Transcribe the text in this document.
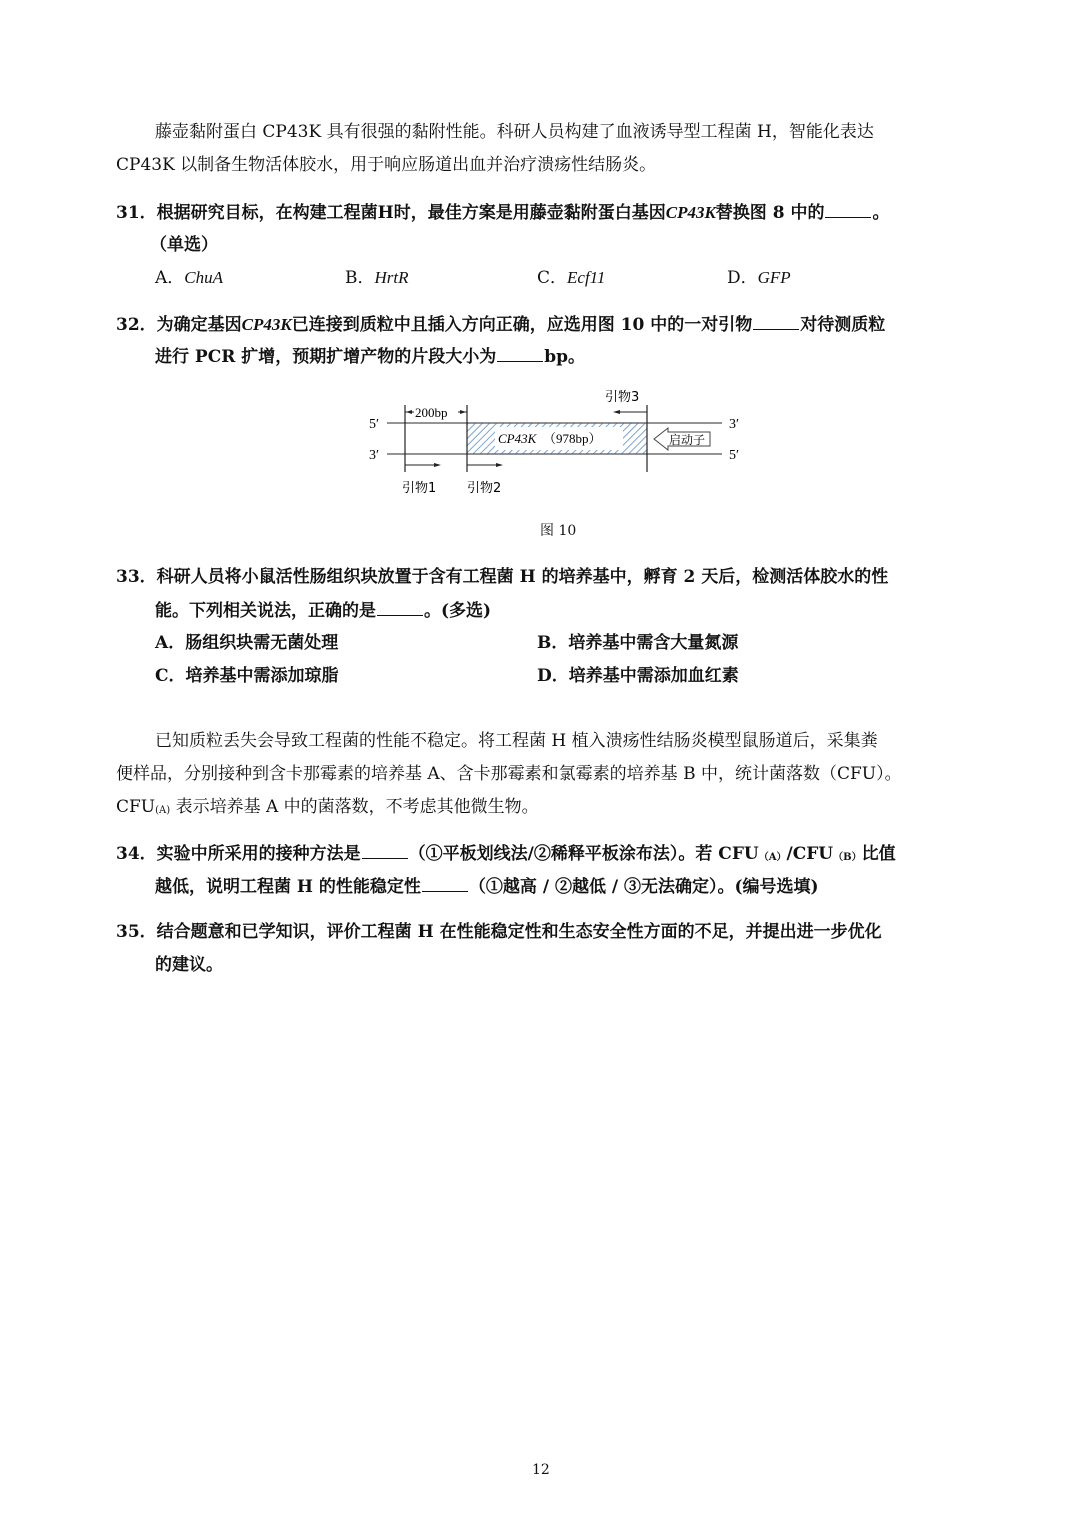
藤壶黏附蛋白 CP43K 具有很强的黏附性能。科研人员构建了血液诱导型工程菌 H，智能化表达
CP43K 以制备生物活体胶水，用于响应肠道出血并治疗溃疡性结肠炎。
31．根据研究目标，在构建工程菌H时，最佳方案是用藤壶黏附蛋白基因CP43K替换图 8 中的	。
（单选）
A．ChuA	B．HrtR	C．Ecf11	D．GFP
32．为确定基因CP43K已连接到质粒中且插入方向正确，应选用图 10 中的一对引物	对待测质粒
进行 PCR 扩增，预期扩增产物的片段大小为	bp。
200bp
5′
3′
3′
5′
CP43K （978bp）	启动子
引物1 引物2
引物3
图 10
33．科研人员将小鼠活性肠组织块放置于含有工程菌 H 的培养基中，孵育 2 天后，检测活体胶水的性
能。下列相关说法，正确的是	。(多选)
A．肠组织块需无菌处理	B．培养基中需含大量氮源
C．培养基中需添加琼脂	D．培养基中需添加血红素
已知质粒丢失会导致工程菌的性能不稳定。将工程菌 H 植入溃疡性结肠炎模型鼠肠道后，采集粪
便样品，分别接种到含卡那霉素的培养基 A、含卡那霉素和氯霉素的培养基 B 中，统计菌落数（CFU）。
CFU(A) 表示培养基 A 中的菌落数，不考虑其他微生物。
34．实验中所采用的接种方法是	（①平板划线法/②稀释平板涂布法）。若 CFU（A）/CFU（B）比值
越低，说明工程菌 H 的性能稳定性	（①越高 / ②越低 / ③无法确定）。(编号选填)
35．结合题意和已学知识，评价工程菌 H 在性能稳定性和生态安全性方面的不足，并提出进一步优化
的建议。
12
